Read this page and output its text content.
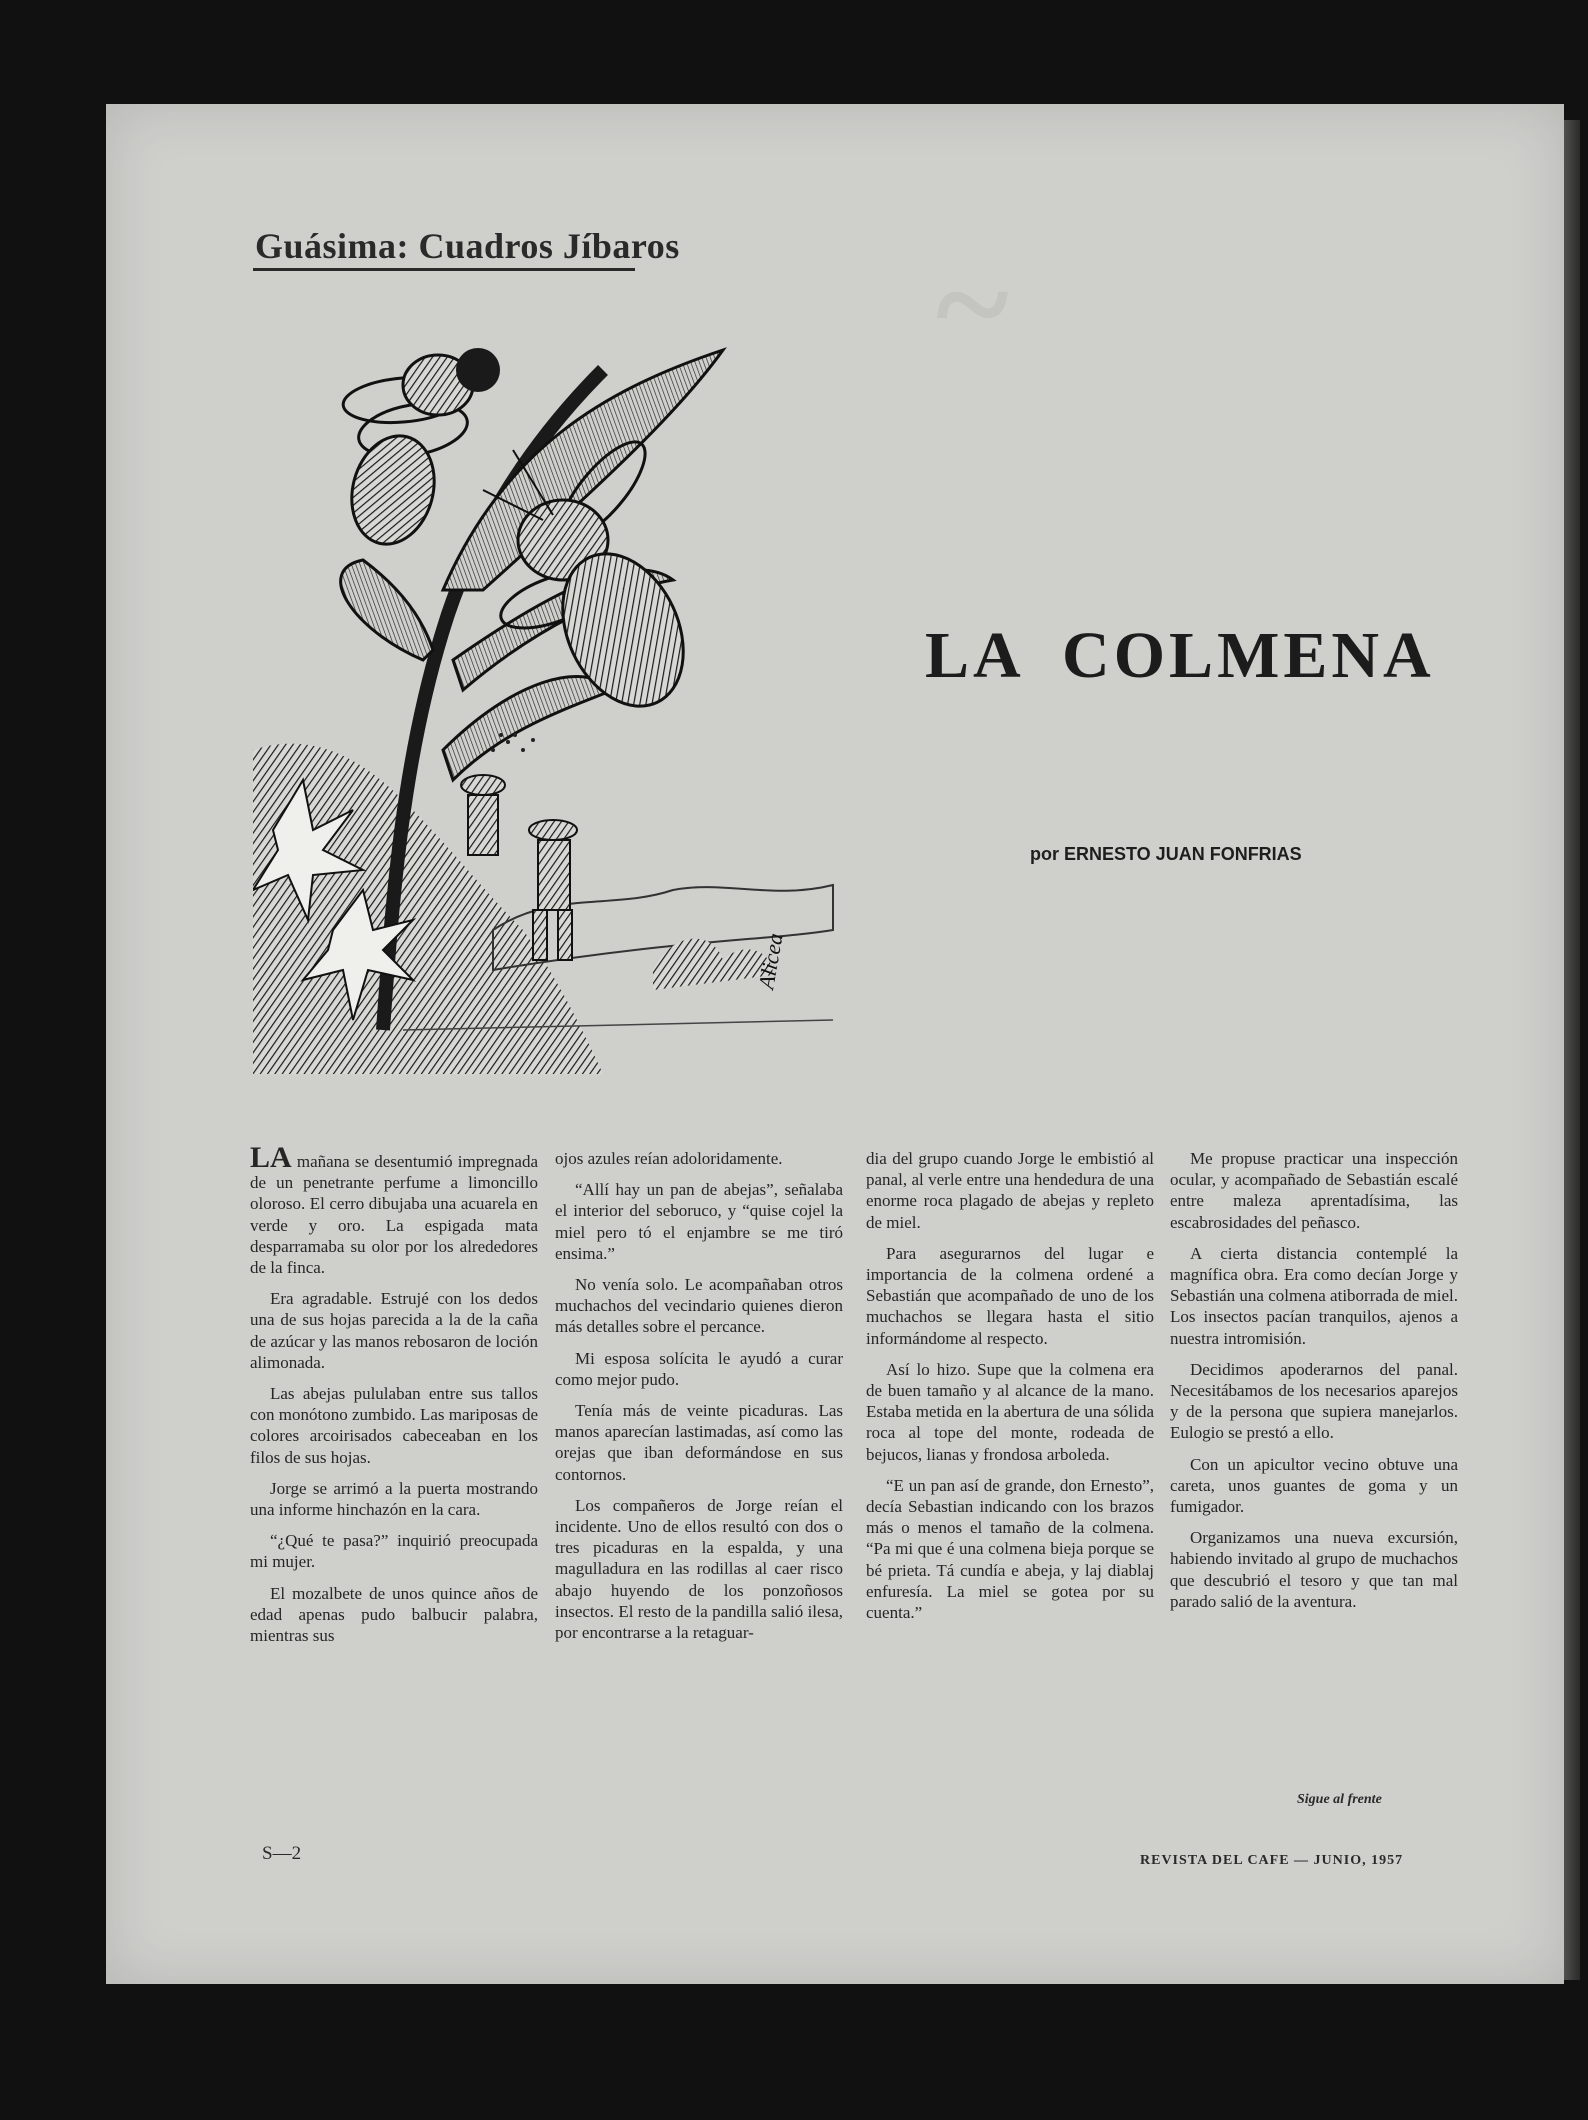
~
Guásima: Cuadros Jíbaros
Alicea
LA  COLMENA
por ERNESTO JUAN FONFRIAS

LA mañana se desentumió impregnada de un penetrante perfume a limoncillo oloroso. El cerro dibujaba una acuarela en verde y oro. La espigada mata desparramaba su olor por los alrededores de la finca.

Era agradable. Estrujé con los dedos una de sus hojas parecida a la de la caña de azúcar y las manos rebosaron de loción alimonada.

Las abejas pululaban entre sus tallos con monótono zumbido. Las mariposas de colores arcoirisados cabeceaban en los filos de sus hojas.

Jorge se arrimó a la puerta mostrando una informe hinchazón en la cara.

“¿Qué te pasa?” inquirió preocupada mi mujer.

El mozalbete de unos quince años de edad apenas pudo balbucir palabra, mientras sus

ojos azules reían adoloridamente.

“Allí hay un pan de abejas”, señalaba el interior del seboruco, y “quise cojel la miel pero tó el enjambre se me tiró ensima.”

No venía solo. Le acompañaban otros muchachos del vecindario quienes dieron más detalles sobre el percance.

Mi esposa solícita le ayudó a curar como mejor pudo.

Tenía más de veinte picaduras. Las manos aparecían lastimadas, así como las orejas que iban deformándose en sus contornos.

Los compañeros de Jorge reían el incidente. Uno de ellos resultó con dos o tres picaduras en la espalda, y una magulladura en las rodillas al caer risco abajo huyendo de los ponzoñosos insectos. El resto de la pandilla salió ilesa, por encontrarse a la retaguar-

dia del grupo cuando Jorge le embistió al panal, al verle entre una hendedura de una enorme roca plagado de abejas y repleto de miel.

Para asegurarnos del lugar e importancia de la colmena ordené a Sebastián que acompañado de uno de los muchachos se llegara hasta el sitio informándome al respecto.

Así lo hizo. Supe que la colmena era de buen tamaño y al alcance de la mano. Estaba metida en la abertura de una sólida roca al tope del monte, rodeada de bejucos, lianas y frondosa arboleda.

“E un pan así de grande, don Ernesto”, decía Sebastian indicando con los brazos más o menos el tamaño de la colmena. “Pa mi que é una colmena bieja porque se bé prieta. Tá cundía e abeja, y laj diablaj enfuresía. La miel se gotea por su cuenta.”

Me propuse practicar una inspección ocular, y acompañado de Sebastián escalé entre maleza aprentadísima, las escabrosidades del peñasco.

A cierta distancia contemplé la magnífica obra. Era como decían Jorge y Sebastián una colmena atiborrada de miel. Los insectos pacían tranquilos, ajenos a nuestra intromisión.

Decidimos apoderarnos del panal. Necesitábamos de los necesarios aparejos y de la persona que supiera manejarlos. Eulogio se prestó a ello.

Con un apicultor vecino obtuve una careta, unos guantes de goma y un fumigador.

Organizamos una nueva excursión, habiendo invitado al grupo de muchachos que descubrió el tesoro y que tan mal parado salió de la aventura.

Sigue al frente
S—2	REVISTA DEL CAFE — JUNIO, 1957
